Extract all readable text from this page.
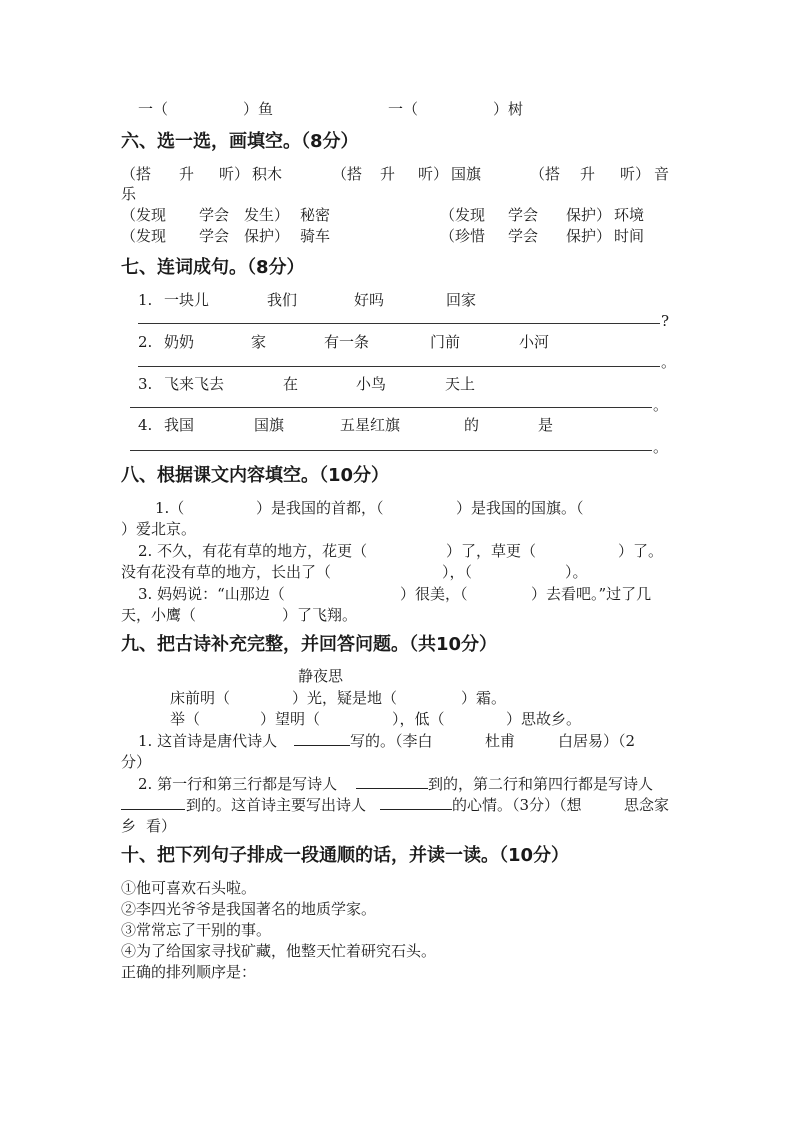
一（	）鱼	一（	）树
六、选一选，画填空。（8分）
（搭 升 听） 积木	（搭 升 听） 国旗	（搭 升 听） 音
乐
（发现 学会 发生） 秘密	（发现 学会 保护） 环境
（发现 学会 保护） 骑车	（珍惜 学会 保护） 时间
七、连词成句。（8分）
1. 一块儿	我们	好吗	回家
?
2. 奶奶	家	有一条	门前	小河
。
3. 飞来飞去	在	小鸟	天上
。
4. 我国	国旗	五星红旗	的	是
。
八、根据课文内容填空。（10分）
1.（	）是我国的首都，（	）是我国的国旗。（
）爱北京。
2. 不久，有花有草的地方，花更（	）了，草更（	）了。
没有花没有草的地方，长出了（	），（	）。
3. 妈妈说：“山那边（	）很美，（	）去看吧。”过了几
天，小鹰（	）了飞翔。
九、把古诗补充完整，并回答问题。（共10分）
静夜思
床前明（	）光，疑是地（	）霜。
举（	）望明（	），低（	）思故乡。
1. 这首诗是唐代诗人	写的。（李白	杜甫	白居易）（2
分）
2. 第一行和第三行都是写诗人	到的，第二行和第四行都是写诗人
到的。这首诗主要写出诗人	的心情。（3分）（想	思念家
乡 看）
十、把下列句子排成一段通顺的话，并读一读。（10分）
①他可喜欢石头啦。
②李四光爷爷是我国著名的地质学家。
③常常忘了干别的事。
④为了给国家寻找矿藏，他整天忙着研究石头。
正确的排列顺序是：
